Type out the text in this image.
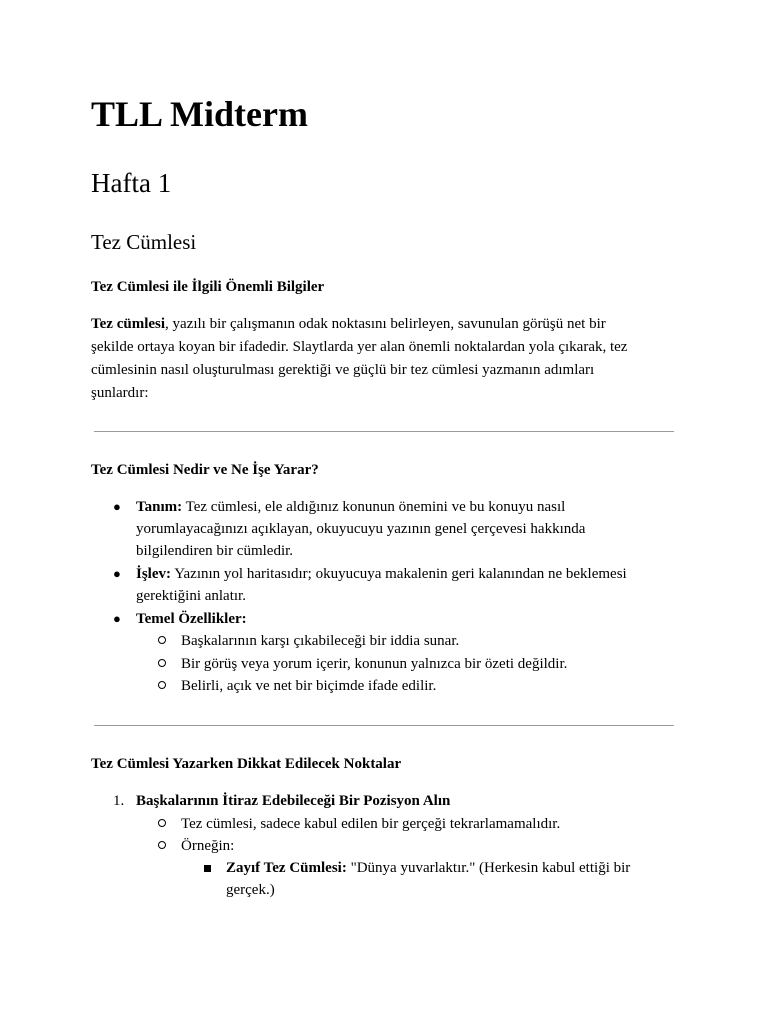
TLL Midterm
Hafta 1
Tez Cümlesi
Tez Cümlesi ile İlgili Önemli Bilgiler
Tez cümlesi, yazılı bir çalışmanın odak noktasını belirleyen, savunulan görüşü net bir
şekilde ortaya koyan bir ifadedir. Slaytlarda yer alan önemli noktalardan yola çıkarak, tez
cümlesinin nasıl oluşturulması gerektiği ve güçlü bir tez cümlesi yazmanın adımları
şunlardır:
Tez Cümlesi Nedir ve Ne İşe Yarar?
● Tanım: Tez cümlesi, ele aldığınız konunun önemini ve bu konuyu nasıl
yorumlayacağınızı açıklayan, okuyucuyu yazının genel çerçevesi hakkında
bilgilendiren bir cümledir.
● İşlev: Yazının yol haritasıdır; okuyucuya makalenin geri kalanından ne beklemesi
gerektiğini anlatır.
● Temel Özellikler:
Başkalarının karşı çıkabileceği bir iddia sunar.
Bir görüş veya yorum içerir, konunun yalnızca bir özeti değildir.
Belirli, açık ve net bir biçimde ifade edilir.
Tez Cümlesi Yazarken Dikkat Edilecek Noktalar
1. Başkalarının İtiraz Edebileceği Bir Pozisyon Alın
Tez cümlesi, sadece kabul edilen bir gerçeği tekrarlamamalıdır.
Örneğin:
Zayıf Tez Cümlesi: "Dünya yuvarlaktır." (Herkesin kabul ettiği bir
gerçek.)
